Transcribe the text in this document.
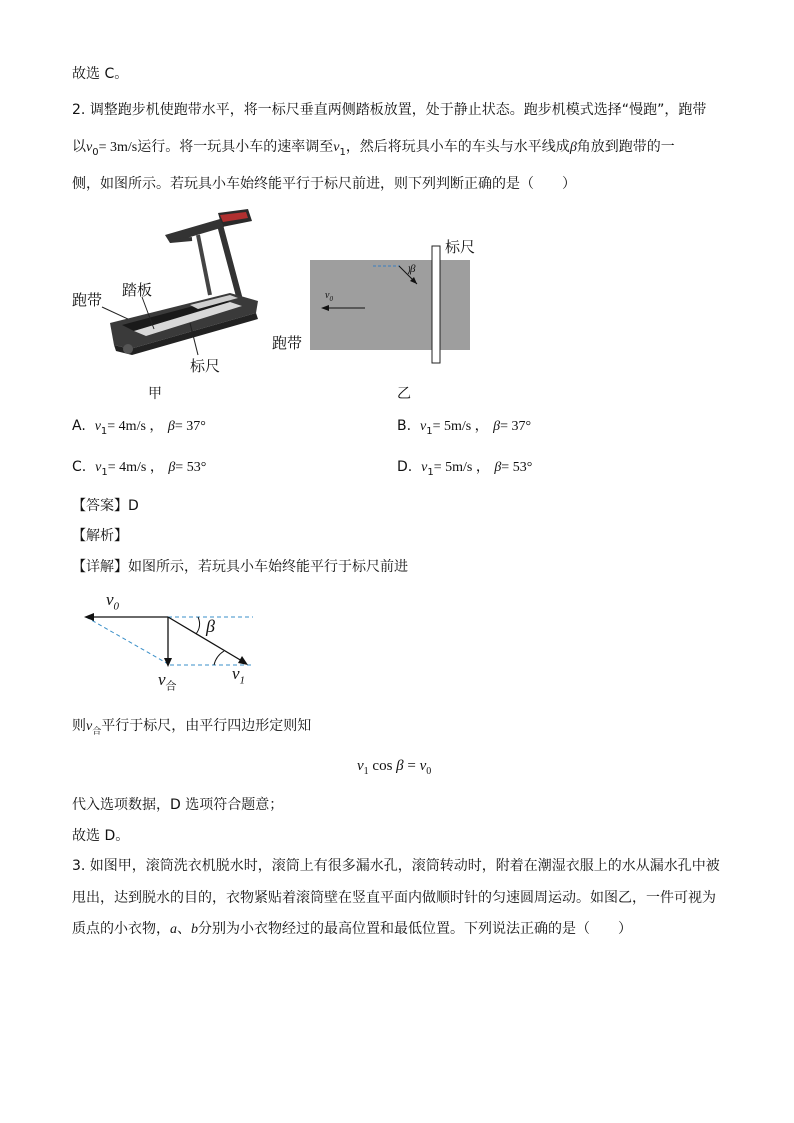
故选 C。
2. 调整跑步机使跑带水平，将一标尺垂直两侧踏板放置，处于静止状态。跑步机模式选择“慢跑”，跑带
以$v_0= 3m/s$运行。将一玩具小车的速率调至$v_1$，然后将玩具小车的车头与水平线成β角放到跑带的一
侧，如图所示。若玩具小车始终能平行于标尺前进，则下列判断正确的是（　　）
跑带
踏板
标尺
甲
标尺
跑带
$v_0$
β
乙
A. $v_1= 4m/s$ ， β= 37°	B. $v_1= 5m/s$ ， β= 37°
C. $v_1= 4m/s$ ， β= 53°	D. $v_1= 5m/s$ ， β= 53°
【答案】D
【解析】
【详解】如图所示，若玩具小车始终能平行于标尺前进
$v_0$
β
$v_合$
$v_1$
则$v_合$平行于标尺，由平行四边形定则知
$v_1$ $\cos \beta = v_0$
代入选项数据，D 选项符合题意；
故选 D。
3. 如图甲，滚筒洗衣机脱水时，滚筒上有很多漏水孔，滚筒转动时，附着在潮湿衣服上的水从漏水孔中被
甩出，达到脱水的目的，衣物紧贴着滚筒壁在竖直平面内做顺时针的匀速圆周运动。如图乙，一件可视为
质点的小衣物，a、b分别为小衣物经过的最高位置和最低位置。下列说法正确的是（　　）
